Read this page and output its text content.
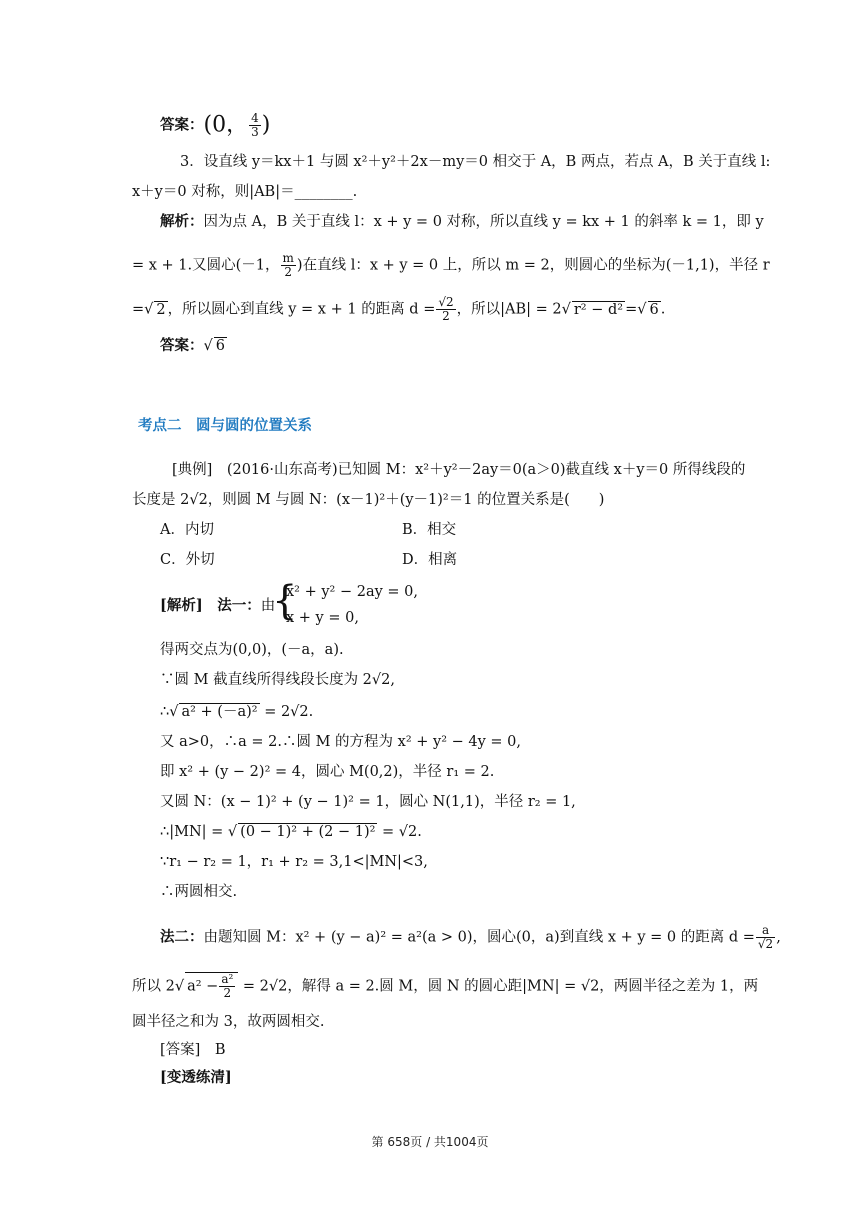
答案：(0， $\frac{4}{3}$ )
3．设直线 y＝kx＋1 与圆 x²＋y²＋2x－my＝0 相交于 A，B 两点，若点 A，B 关于直线 l:
x＋y＝0 对称，则|AB|＝________.
解析：因为点 A，B 关于直线 l：x + y = 0 对称，所以直线 y = kx + 1 的斜率 k = 1，即 y
= x + 1.又圆心(－1， $\frac{m}{2}$ )在直线 l：x + y = 0 上，所以 m = 2，则圆心的坐标为(－1,1)，半径 r
=√ 2 ，所以圆心到直线 y = x + 1 的距离 $d = \frac{√2}{2}$ ，所以|AB| = 2√ r² − d² =√ 6 .
答案：√ 6
考点二　圆与圆的位置关系
[典例]　(2016·山东高考)已知圆 M：x²＋y²－2ay＝0(a＞0)截直线 x＋y＝0 所得线段的
长度是 2√2，则圆 M 与圆 N：(x－1)²＋(y－1)²＝1 的位置关系是(　　)
A．内切	B．相交
C．外切	D．相离
[解析]　法一：由
{
x² + y² − 2ay = 0,
x + y = 0,
得两交点为(0,0)，(－a，a).
∵圆 M 截直线所得线段长度为 2√2,
∴√ a² + (－a)² = 2√2.
又 a>0，∴a = 2.∴圆 M 的方程为 x² + y² − 4y = 0,
即 x² + (y − 2)² = 4，圆心 M(0,2)，半径 r₁ = 2.
又圆 N：(x − 1)² + (y − 1)² = 1，圆心 N(1,1)，半径 r₂ = 1,
∴|MN| = √ (0 − 1)² + (2 − 1)² = √2.
∵r₁ − r₂ = 1，r₁ + r₂ = 3,1<|MN|<3,
∴两圆相交.
法二：由题知圆 M：x² + (y − a)² = a²(a > 0)，圆心(0，a)到直线 x + y = 0 的距离 $d = \frac{a}{√2}$ ,
所以 2√ $a^2 - \frac{\text{a²}}{2} = 2√2$，解得 a = 2.圆 M，圆 N 的圆心距|MN| = √2，两圆半径之差为 1，两
圆半径之和为 3，故两圆相交.
[答案]　B
[变透练清]
第 658页 / 共1004页
